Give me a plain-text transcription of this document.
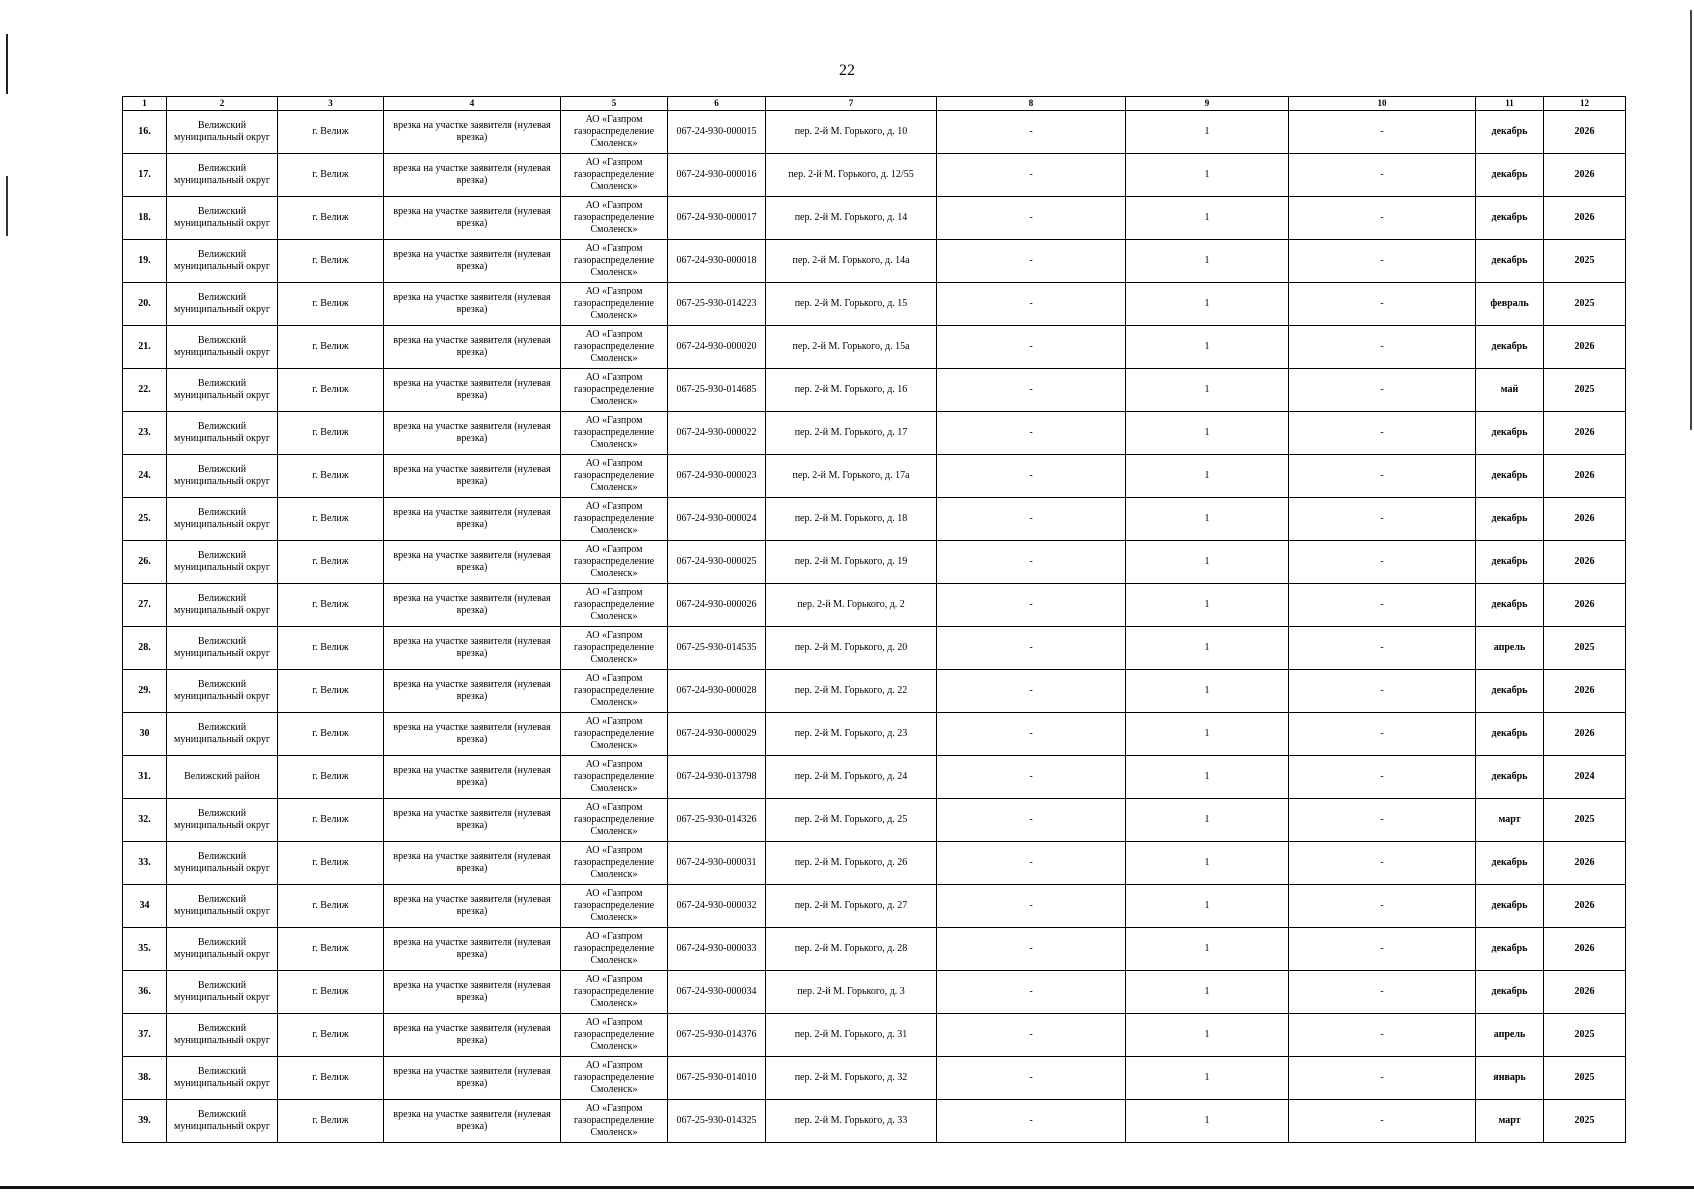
22
1	2	3	4	5	6	7	8	9	10	11	12
16.	Велижский муниципальный округ	г. Велиж	врезка на участке заявителя (нулевая врезка)	АО «Газпром газораспределение Смоленск»	067-24-930-000015	пер. 2-й М. Горького, д. 10	-	1	-	декабрь	2026
17.	Велижский муниципальный округ	г. Велиж	врезка на участке заявителя (нулевая врезка)	АО «Газпром газораспределение Смоленск»	067-24-930-000016	пер. 2-й М. Горького, д. 12/55	-	1	-	декабрь	2026
18.	Велижский муниципальный округ	г. Велиж	врезка на участке заявителя (нулевая врезка)	АО «Газпром газораспределение Смоленск»	067-24-930-000017	пер. 2-й М. Горького, д. 14	-	1	-	декабрь	2026
19.	Велижский муниципальный округ	г. Велиж	врезка на участке заявителя (нулевая врезка)	АО «Газпром газораспределение Смоленск»	067-24-930-000018	пер. 2-й М. Горького, д. 14а	-	1	-	декабрь	2025
20.	Велижский муниципальный округ	г. Велиж	врезка на участке заявителя (нулевая врезка)	АО «Газпром газораспределение Смоленск»	067-25-930-014223	пер. 2-й М. Горького, д. 15	-	1	-	февраль	2025
21.	Велижский муниципальный округ	г. Велиж	врезка на участке заявителя (нулевая врезка)	АО «Газпром газораспределение Смоленск»	067-24-930-000020	пер. 2-й М. Горького, д. 15а	-	1	-	декабрь	2026
22.	Велижский муниципальный округ	г. Велиж	врезка на участке заявителя (нулевая врезка)	АО «Газпром газораспределение Смоленск»	067-25-930-014685	пер. 2-й М. Горького, д. 16	-	1	-	май	2025
23.	Велижский муниципальный округ	г. Велиж	врезка на участке заявителя (нулевая врезка)	АО «Газпром газораспределение Смоленск»	067-24-930-000022	пер. 2-й М. Горького, д. 17	-	1	-	декабрь	2026
24.	Велижский муниципальный округ	г. Велиж	врезка на участке заявителя (нулевая врезка)	АО «Газпром газораспределение Смоленск»	067-24-930-000023	пер. 2-й М. Горького, д. 17а	-	1	-	декабрь	2026
25.	Велижский муниципальный округ	г. Велиж	врезка на участке заявителя (нулевая врезка)	АО «Газпром газораспределение Смоленск»	067-24-930-000024	пер. 2-й М. Горького, д. 18	-	1	-	декабрь	2026
26.	Велижский муниципальный округ	г. Велиж	врезка на участке заявителя (нулевая врезка)	АО «Газпром газораспределение Смоленск»	067-24-930-000025	пер. 2-й М. Горького, д. 19	-	1	-	декабрь	2026
27.	Велижский муниципальный округ	г. Велиж	врезка на участке заявителя (нулевая врезка)	АО «Газпром газораспределение Смоленск»	067-24-930-000026	пер. 2-й М. Горького, д. 2	-	1	-	декабрь	2026
28.	Велижский муниципальный округ	г. Велиж	врезка на участке заявителя (нулевая врезка)	АО «Газпром газораспределение Смоленск»	067-25-930-014535	пер. 2-й М. Горького, д. 20	-	1	-	апрель	2025
29.	Велижский муниципальный округ	г. Велиж	врезка на участке заявителя (нулевая врезка)	АО «Газпром газораспределение Смоленск»	067-24-930-000028	пер. 2-й М. Горького, д. 22	-	1	-	декабрь	2026
30	Велижский муниципальный округ	г. Велиж	врезка на участке заявителя (нулевая врезка)	АО «Газпром газораспределение Смоленск»	067-24-930-000029	пер. 2-й М. Горького, д. 23	-	1	-	декабрь	2026
31.	Велижский район	г. Велиж	врезка на участке заявителя (нулевая врезка)	АО «Газпром газораспределение Смоленск»	067-24-930-013798	пер. 2-й М. Горького, д. 24	-	1	-	декабрь	2024
32.	Велижский муниципальный округ	г. Велиж	врезка на участке заявителя (нулевая врезка)	АО «Газпром газораспределение Смоленск»	067-25-930-014326	пер. 2-й М. Горького, д. 25	-	1	-	март	2025
33.	Велижский муниципальный округ	г. Велиж	врезка на участке заявителя (нулевая врезка)	АО «Газпром газораспределение Смоленск»	067-24-930-000031	пер. 2-й М. Горького, д. 26	-	1	-	декабрь	2026
34	Велижский муниципальный округ	г. Велиж	врезка на участке заявителя (нулевая врезка)	АО «Газпром газораспределение Смоленск»	067-24-930-000032	пер. 2-й М. Горького, д. 27	-	1	-	декабрь	2026
35.	Велижский муниципальный округ	г. Велиж	врезка на участке заявителя (нулевая врезка)	АО «Газпром газораспределение Смоленск»	067-24-930-000033	пер. 2-й М. Горького, д. 28	-	1	-	декабрь	2026
36.	Велижский муниципальный округ	г. Велиж	врезка на участке заявителя (нулевая врезка)	АО «Газпром газораспределение Смоленск»	067-24-930-000034	пер. 2-й М. Горького, д. 3	-	1	-	декабрь	2026
37.	Велижский муниципальный округ	г. Велиж	врезка на участке заявителя (нулевая врезка)	АО «Газпром газораспределение Смоленск»	067-25-930-014376	пер. 2-й М. Горького, д. 31	-	1	-	апрель	2025
38.	Велижский муниципальный округ	г. Велиж	врезка на участке заявителя (нулевая врезка)	АО «Газпром газораспределение Смоленск»	067-25-930-014010	пер. 2-й М. Горького, д. 32	-	1	-	январь	2025
39.	Велижский муниципальный округ	г. Велиж	врезка на участке заявителя (нулевая врезка)	АО «Газпром газораспределение Смоленск»	067-25-930-014325	пер. 2-й М. Горького, д. 33	-	1	-	март	2025
